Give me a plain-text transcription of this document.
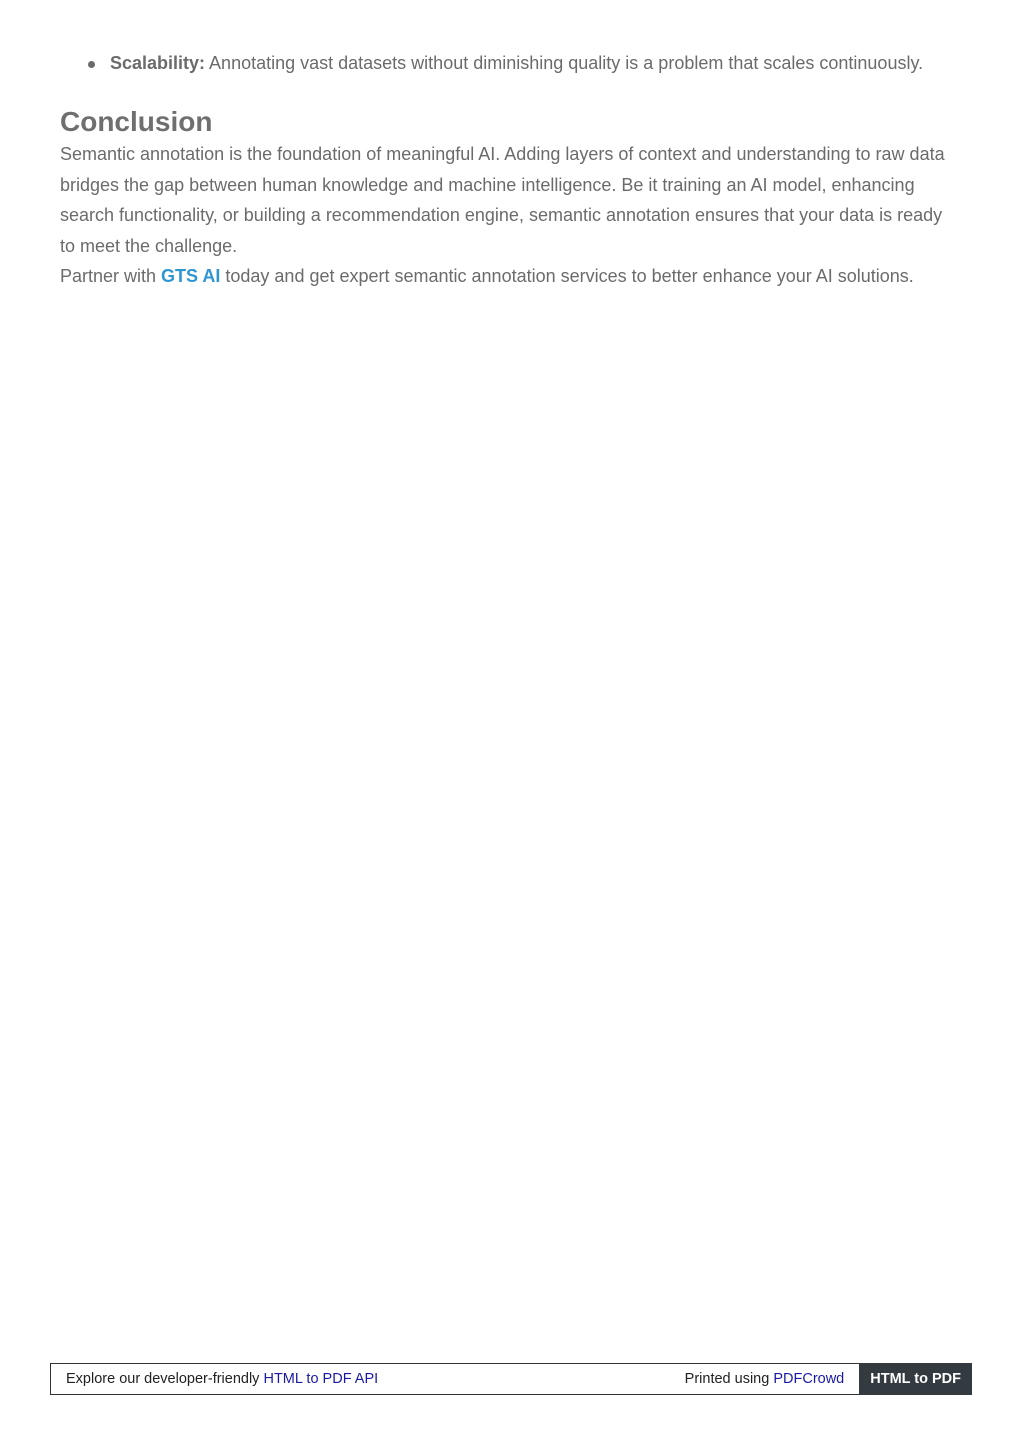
Scalability: Annotating vast datasets without diminishing quality is a problem that scales continuously.
Conclusion

Semantic annotation is the foundation of meaningful AI. Adding layers of context and understanding to raw data bridges the gap between human knowledge and machine intelligence. Be it training an AI model, enhancing search functionality, or building a recommendation engine, semantic annotation ensures that your data is ready to meet the challenge.

Partner with GTS AI today and get expert semantic annotation services to better enhance your AI solutions.

Explore our developer-friendly HTML to PDF API	Printed using PDFCrowd	HTML to PDF
